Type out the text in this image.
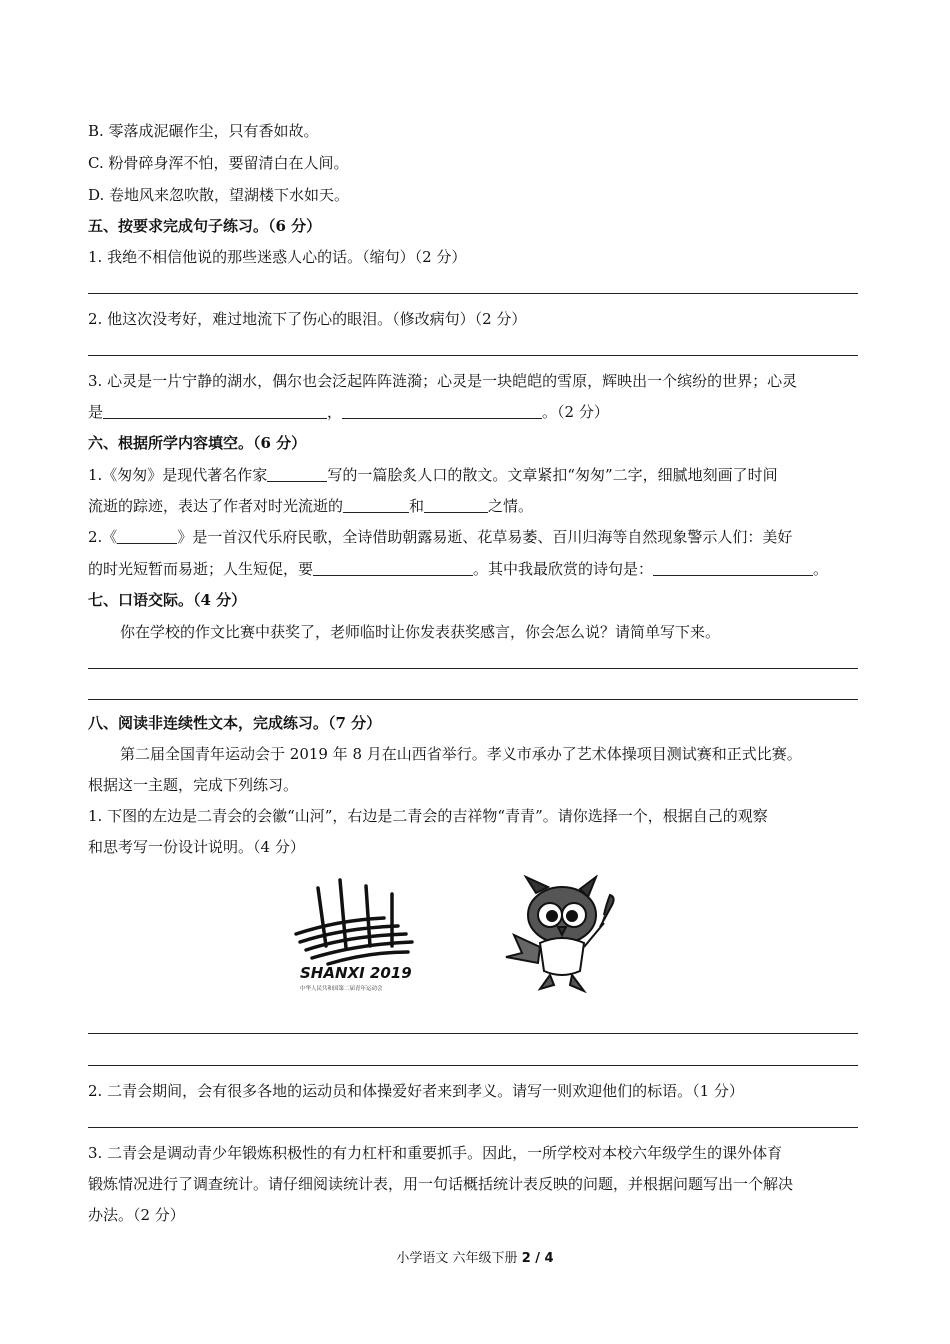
B. 零落成泥碾作尘，只有香如故。
C. 粉骨碎身浑不怕，要留清白在人间。
D. 卷地风来忽吹散，望湖楼下水如天。
五、按要求完成句子练习。（6 分）
1. 我绝不相信他说的那些迷惑人心的话。（缩句）（2 分）
2. 他这次没考好，难过地流下了伤心的眼泪。（修改病句）（2 分）
3. 心灵是一片宁静的湖水，偶尔也会泛起阵阵涟漪；心灵是一块皑皑的雪原，辉映出一个缤纷的世界；心灵
是	，	。（2 分）
六、根据所学内容填空。（6 分）
1.《匆匆》是现代著名作家	写的一篇脍炙人口的散文。文章紧扣“匆匆”二字，细腻地刻画了时间
流逝的踪迹，表达了作者对时光流逝的	和	之情。
2.《	》是一首汉代乐府民歌，全诗借助朝露易逝、花草易萎、百川归海等自然现象警示人们：美好
的时光短暂而易逝；人生短促，要	。其中我最欣赏的诗句是：	。
七、口语交际。（4 分）
你在学校的作文比赛中获奖了，老师临时让你发表获奖感言，你会怎么说？请简单写下来。
八、阅读非连续性文本，完成练习。（7 分）
第二届全国青年运动会于 2019 年 8 月在山西省举行。孝义市承办了艺术体操项目测试赛和正式比赛。
根据这一主题，完成下列练习。
1. 下图的左边是二青会的会徽“山河”，右边是二青会的吉祥物“青青”。请你选择一个，根据自己的观察
和思考写一份设计说明。（4 分）
SHANXI 2019
中华人民共和国第二届青年运动会
2. 二青会期间，会有很多各地的运动员和体操爱好者来到孝义。请写一则欢迎他们的标语。（1 分）
3. 二青会是调动青少年锻炼积极性的有力杠杆和重要抓手。因此，一所学校对本校六年级学生的课外体育
锻炼情况进行了调查统计。请仔细阅读统计表，用一句话概括统计表反映的问题，并根据问题写出一个解决
办法。（2 分）
小学语文 六年级下册 2 / 4
